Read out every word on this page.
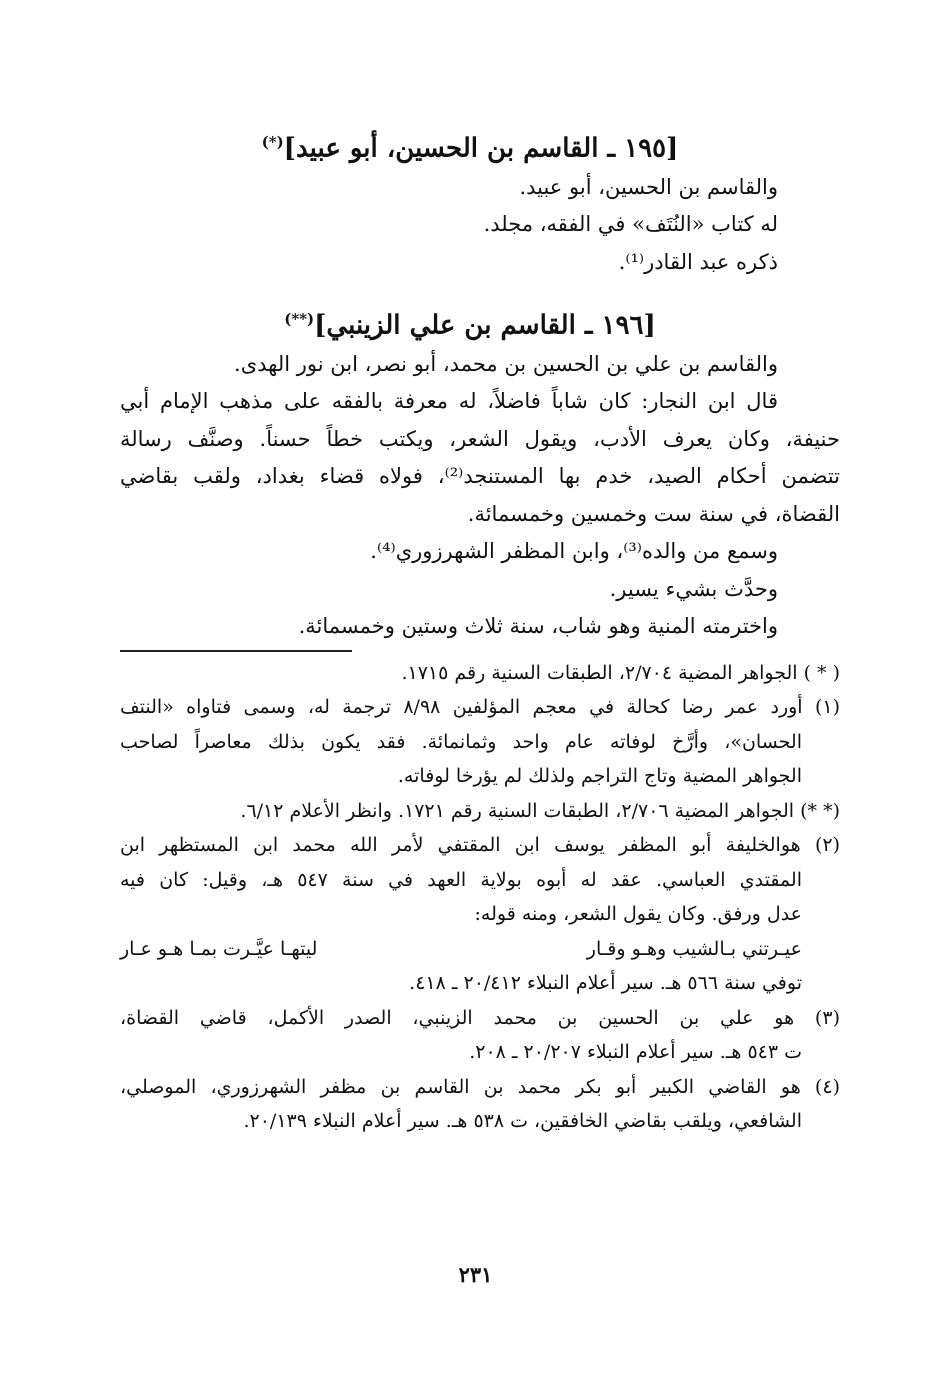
[١٩٥ ـ القاسم بن الحسين، أبو عبيد](*)

والقاسم بن الحسين، أبو عبيد.

له كتاب «النُتَف» في الفقه، مجلد.

ذكره عبد القادر⁽¹⁾.

[١٩٦ ـ القاسم بن علي الزينبي](**)

والقاسم بن علي بن الحسين بن محمد، أبو نصر، ابن نور الهدى.

قال ابن النجار: كان شاباً فاضلاً، له معرفة بالفقه على مذهب الإمام أبي

حنيفة، وكان يعرف الأدب، ويقول الشعر، ويكتب خطاً حسناً. وصنَّف رسالة

تتضمن أحكام الصيد، خدم بها المستنجد⁽²⁾، فولاه قضاء بغداد، ولقب بقاضي

القضاة، في سنة ست وخمسين وخمسمائة.

وسمع من والده⁽³⁾، وابن المظفر الشهرزوري⁽⁴⁾.

وحدَّث بشيء يسير.

واخترمته المنية وهو شاب، سنة ثلاث وستين وخمسمائة.

( * ) الجواهر المضية ٢/٧٠٤، الطبقات السنية رقم ١٧١٥.

(١) أورد عمر رضا كحالة في معجم المؤلفين ٨/٩٨ ترجمة له، وسمى فتاواه «النتف

الحسان»، وأرَّخ لوفاته عام واحد وثمانمائة. فقد يكون بذلك معاصراً لصاحب

الجواهر المضية وتاج التراجم ولذلك لم يؤرخا لوفاته.

(* *) الجواهر المضية ٢/٧٠٦، الطبقات السنية رقم ١٧٢١. وانظر الأعلام ٦/١٢.

(٢) هوالخليفة أبو المظفر يوسف ابن المقتفي لأمر الله محمد ابن المستظهر ابن

المقتدي العباسي. عقد له أبوه بولاية العهد في سنة ٥٤٧ هـ، وقيل: كان فيه

عدل ورفق. وكان يقول الشعر، ومنه قوله:

عيـرتني بـالشيب وهـو وقـار
ليتهـا عيَّـرت بمـا هـو عـار

توفي سنة ٥٦٦ هـ. سير أعلام النبلاء ٢٠/٤١٢ ـ ٤١٨.

(٣) هو علي بن الحسين بن محمد الزينبي، الصدر الأكمل، قاضي القضاة،

ت ٥٤٣ هـ. سير أعلام النبلاء ٢٠/٢٠٧ ـ ٢٠٨.

(٤) هو القاضي الكبير أبو بكر محمد بن القاسم بن مظفر الشهرزوري، الموصلي،

الشافعي، ويلقب بقاضي الخافقين، ت ٥٣٨ هـ. سير أعلام النبلاء ٢٠/١٣٩.

٢٣١
